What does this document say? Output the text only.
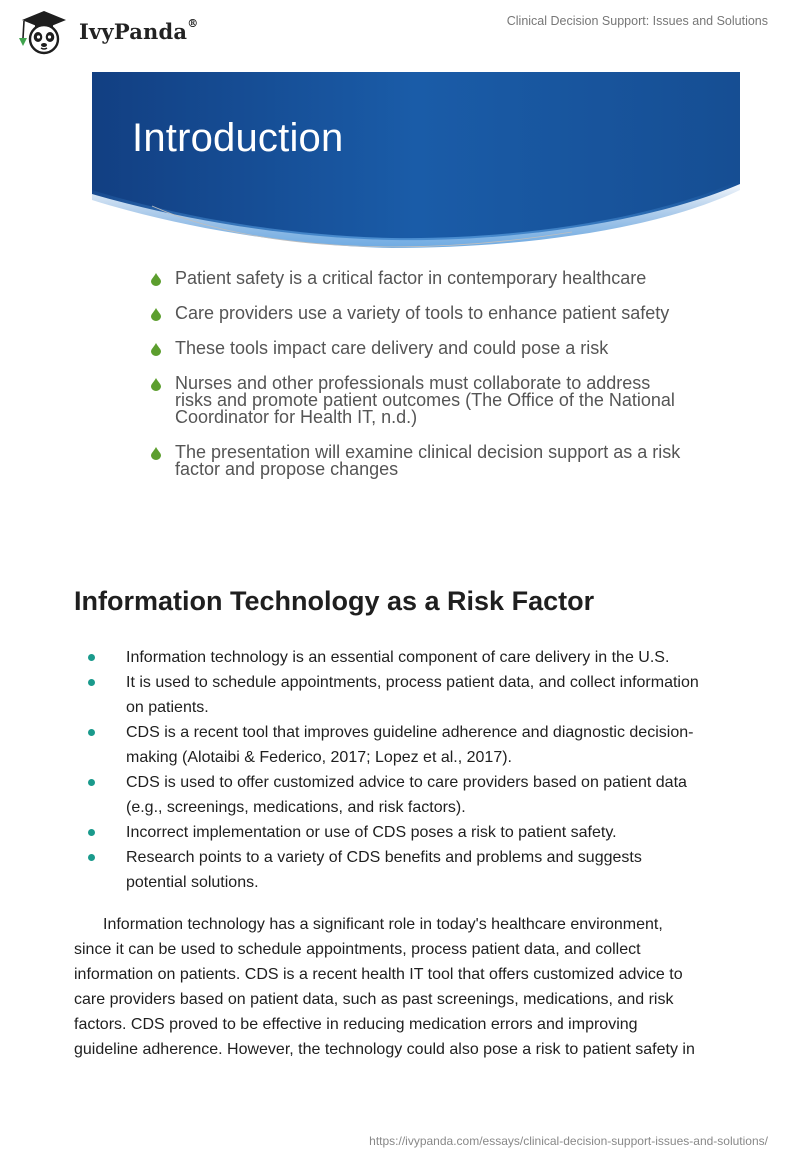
IvyPanda®	Clinical Decision Support: Issues and Solutions
Introduction
Patient safety is a critical factor in contemporary healthcare
Care providers use a variety of tools to enhance patient safety
These tools impact care delivery and could pose a risk
Nurses and other professionals must collaborate to address
risks and promote patient outcomes (The Office of the National
Coordinator for Health IT, n.d.)
The presentation will examine clinical decision support as a risk
factor and propose changes
Information Technology as a Risk Factor
Information technology is an essential component of care delivery in the U.S.
It is used to schedule appointments, process patient data, and collect information
on patients.
CDS is a recent tool that improves guideline adherence and diagnostic decision-
making (Alotaibi & Federico, 2017; Lopez et al., 2017).
CDS is used to offer customized advice to care providers based on patient data
(e.g., screenings, medications, and risk factors).
Incorrect implementation or use of CDS poses a risk to patient safety.
Research points to a variety of CDS benefits and problems and suggests
potential solutions.

Information technology has a significant role in today's healthcare environment,
since it can be used to schedule appointments, process patient data, and collect
information on patients. CDS is a recent health IT tool that offers customized advice to
care providers based on patient data, such as past screenings, medications, and risk
factors. CDS proved to be effective in reducing medication errors and improving
guideline adherence. However, the technology could also pose a risk to patient safety in

https://ivypanda.com/essays/clinical-decision-support-issues-and-solutions/
